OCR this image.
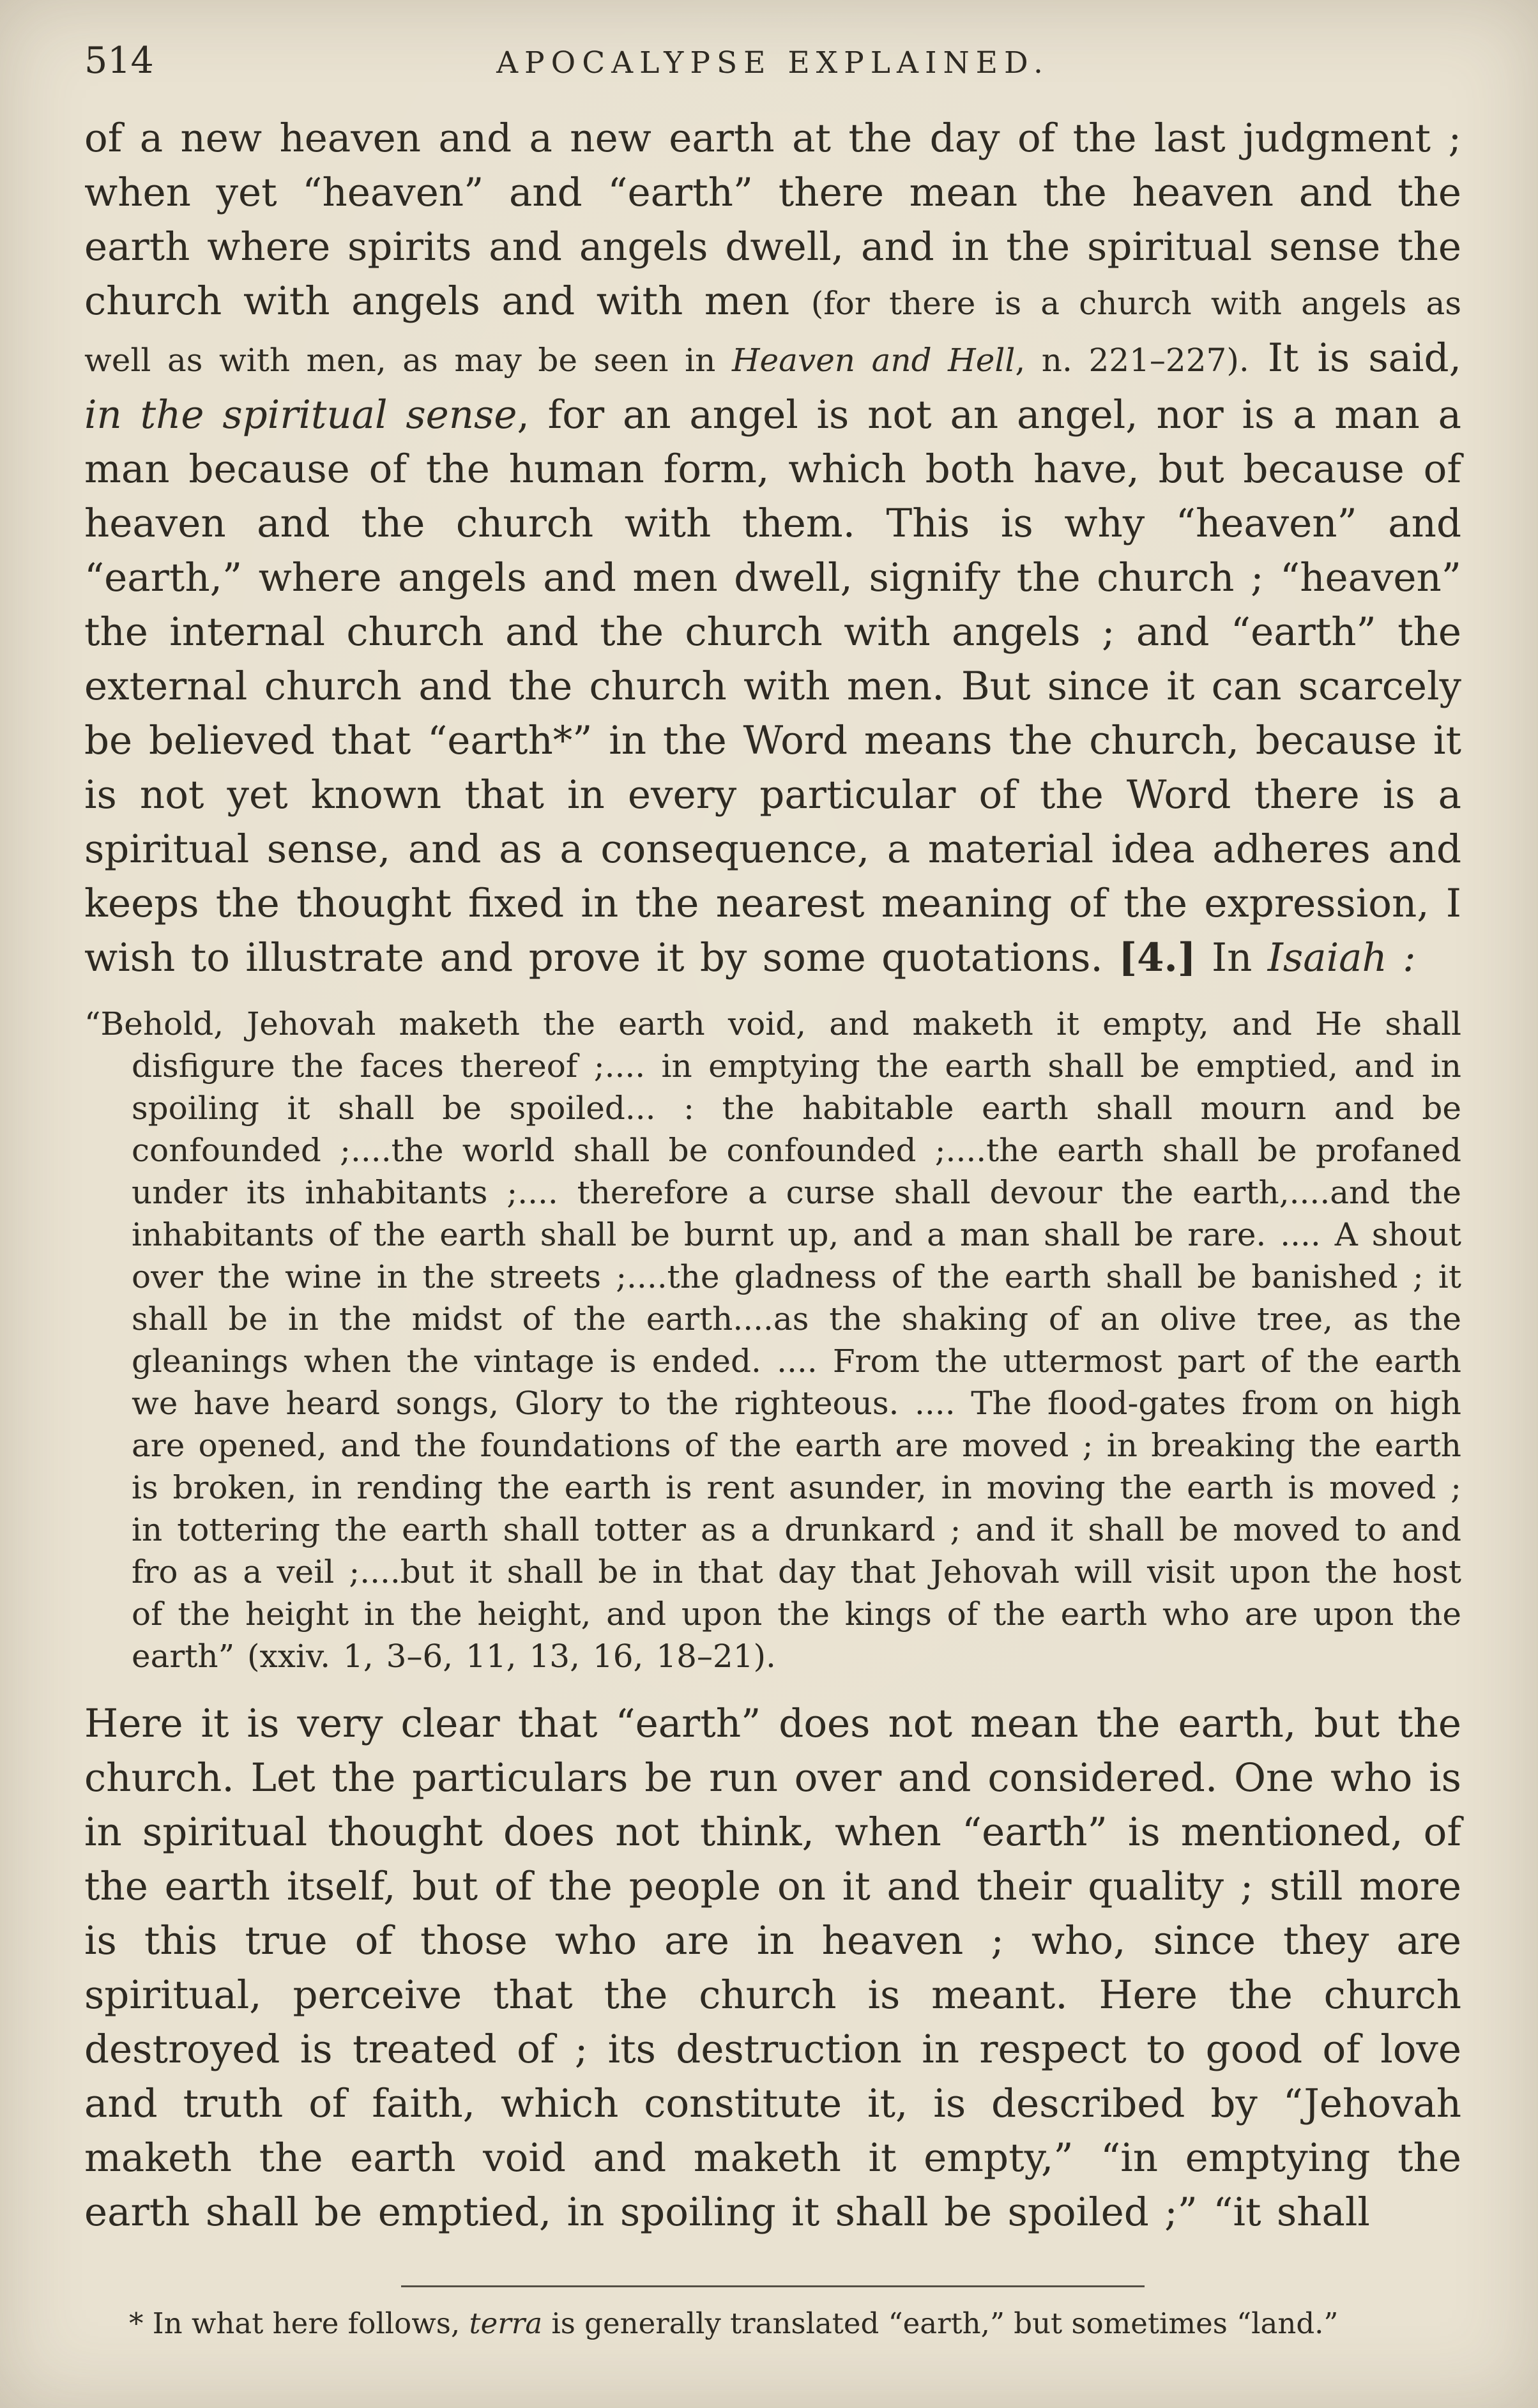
514	APOCALYPSE EXPLAINED.

of a new heaven and a new earth at the day of the last judgment ; when yet “heaven” and “earth” there mean the heaven and the earth where spirits and angels dwell, and in the spiritual sense the church with angels and with men (for there is a church with angels as well as with men, as may be seen in Heaven and Hell, n. 221–227). It is said, in the spiritual sense, for an angel is not an angel, nor is a man a man because of the human form, which both have, but because of heaven and the church with them. This is why “heaven” and “earth,” where angels and men dwell, signify the church ; “heaven” the internal church and the church with angels ; and “earth” the external church and the church with men. But since it can scarcely be believed that “earth*” in the Word means the church, because it is not yet known that in every particular of the Word there is a spiritual sense, and as a consequence, a material idea adheres and keeps the thought fixed in the nearest meaning of the expression, I wish to illustrate and prove it by some quotations. [4.] In Isaiah :

“Behold, Jehovah maketh the earth void, and maketh it empty, and He shall disfigure the faces thereof ;.... in emptying the earth shall be emptied, and in spoiling it shall be spoiled... : the habitable earth shall mourn and be confounded ;....the world shall be confounded ;....the earth shall be profaned under its inhabitants ;.... therefore a curse shall devour the earth,....and the inhabitants of the earth shall be burnt up, and a man shall be rare. .... A shout over the wine in the streets ;....the gladness of the earth shall be banished ; it shall be in the midst of the earth....as the shaking of an olive tree, as the gleanings when the vintage is ended. .... From the uttermost part of the earth we have heard songs, Glory to the righteous. .... The flood-gates from on high are opened, and the foundations of the earth are moved ; in breaking the earth is broken, in rending the earth is rent asunder, in moving the earth is moved ; in tottering the earth shall totter as a drunkard ; and it shall be moved to and fro as a veil ;....but it shall be in that day that Jehovah will visit upon the host of the height in the height, and upon the kings of the earth who are upon the earth” (xxiv. 1, 3–6, 11, 13, 16, 18–21).

Here it is very clear that “earth” does not mean the earth, but the church. Let the particulars be run over and considered. One who is in spiritual thought does not think, when “earth” is mentioned, of the earth itself, but of the people on it and their quality ; still more is this true of those who are in heaven ; who, since they are spiritual, perceive that the church is meant. Here the church destroyed is treated of ; its destruction in respect to good of love and truth of faith, which constitute it, is described by “Jehovah maketh the earth void and maketh it empty,” “in emptying the earth shall be emptied, in spoiling it shall be spoiled ;” “it shall

* In what here follows, terra is generally translated “earth,” but sometimes “land.”
